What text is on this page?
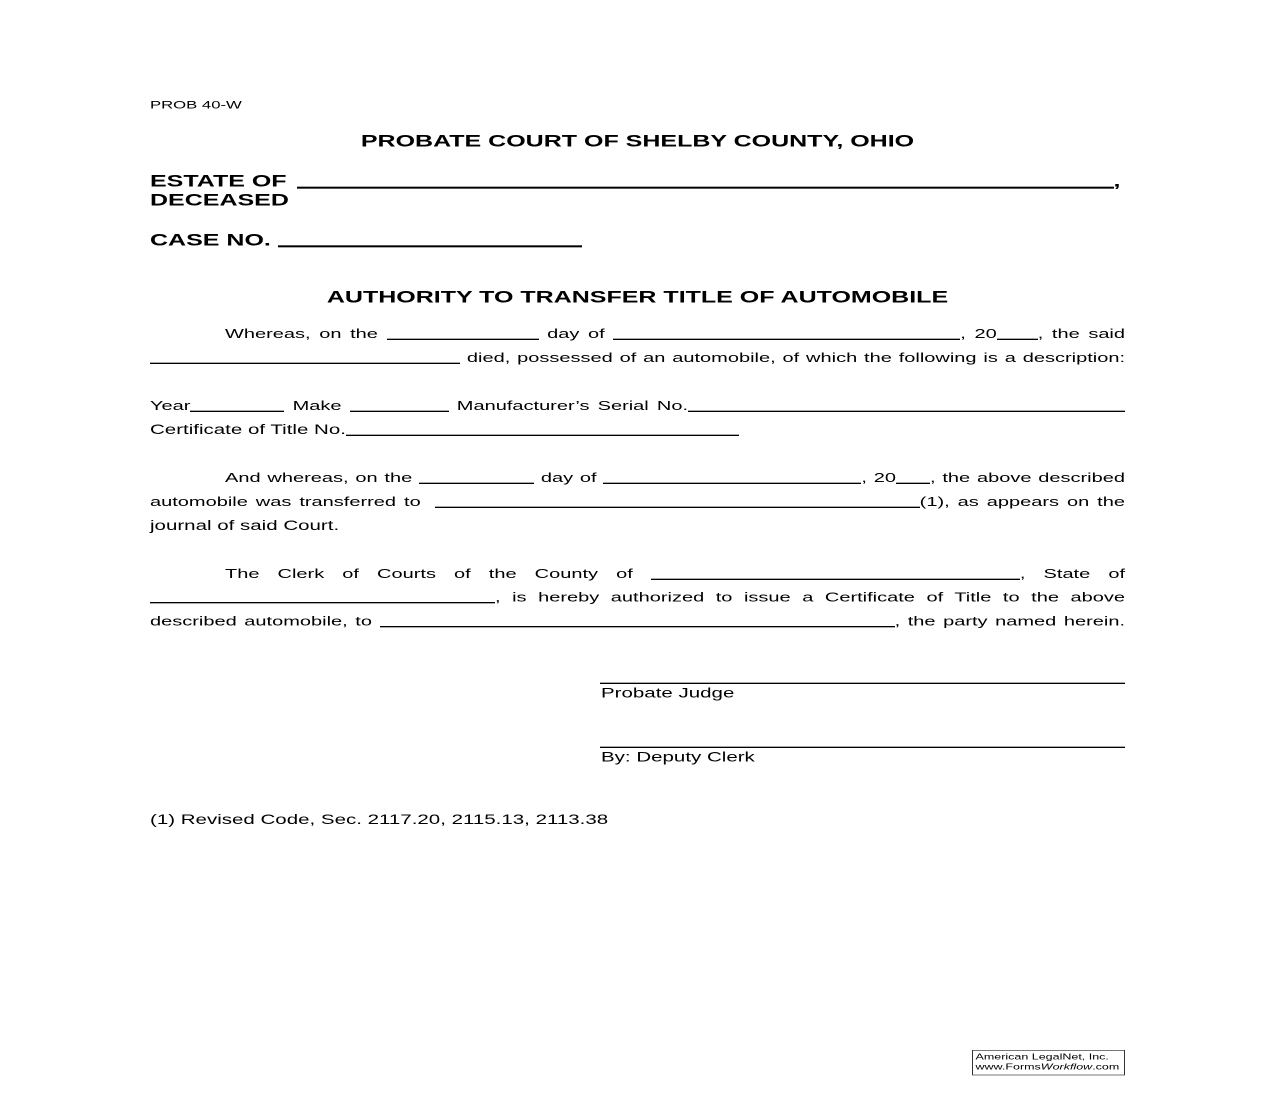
PROB 40-W
PROBATE COURT OF SHELBY COUNTY, OHIO
ESTATE OF	,
DECEASED
CASE NO.
AUTHORITY TO TRANSFER TITLE OF AUTOMOBILE
Whereas, on the	day of	, 20 , the said
died, possessed of an automobile, of which the following is a description:
Year	Make	Manufacturer’s Serial No.
Certificate of Title No.
And whereas, on the	day of	, 20 , the above described
automobile was transferred to	(1), as appears on the
journal of said Court.
The Clerk of Courts of the County of	, State of
, is hereby authorized to issue a Certificate of Title to the above
described automobile, to	, the party named herein.
Probate Judge
By: Deputy Clerk
(1) Revised Code, Sec. 2117.20, 2115.13, 2113.38
American LegalNet, Inc.
www.FormsWorkflow.com
